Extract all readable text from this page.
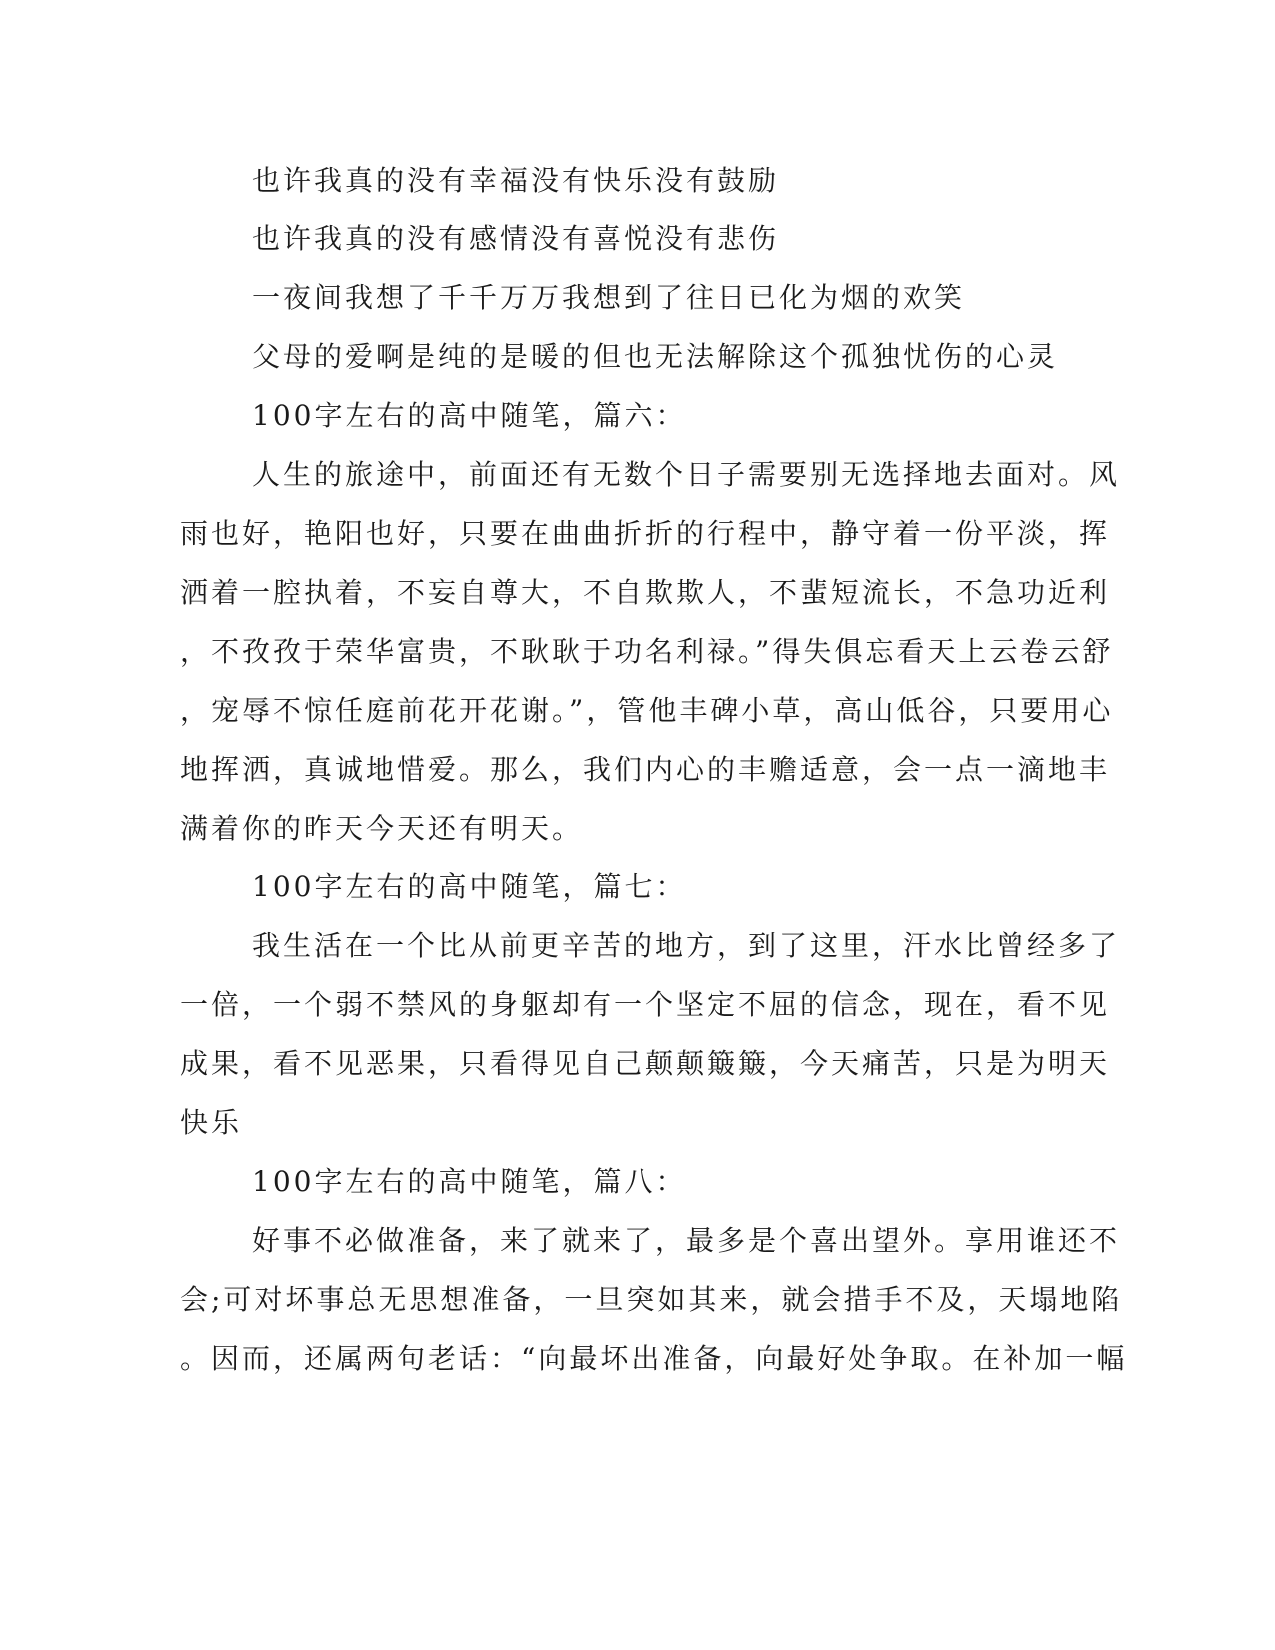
也许我真的没有幸福没有快乐没有鼓励
也许我真的没有感情没有喜悦没有悲伤
一夜间我想了千千万万我想到了往日已化为烟的欢笑
父母的爱啊是纯的是暖的但也无法解除这个孤独忧伤的心灵
100字左右的高中随笔，篇六：
人生的旅途中，前面还有无数个日子需要别无选择地去面对。风
雨也好，艳阳也好，只要在曲曲折折的行程中，静守着一份平淡，挥
洒着一腔执着，不妄自尊大，不自欺欺人，不蜚短流长，不急功近利
，不孜孜于荣华富贵，不耿耿于功名利禄。”得失俱忘看天上云卷云舒
，宠辱不惊任庭前花开花谢。”，管他丰碑小草，高山低谷，只要用心
地挥洒，真诚地惜爱。那么，我们内心的丰赡适意，会一点一滴地丰
满着你的昨天今天还有明天。
100字左右的高中随笔，篇七：
我生活在一个比从前更辛苦的地方，到了这里，汗水比曾经多了
一倍，一个弱不禁风的身躯却有一个坚定不屈的信念，现在，看不见
成果，看不见恶果，只看得见自己颠颠簸簸，今天痛苦，只是为明天
快乐
100字左右的高中随笔，篇八：
好事不必做准备，来了就来了，最多是个喜出望外。享用谁还不
会;可对坏事总无思想准备，一旦突如其来，就会措手不及，天塌地陷
。因而，还属两句老话：“向最坏出准备，向最好处争取。在补加一幅
